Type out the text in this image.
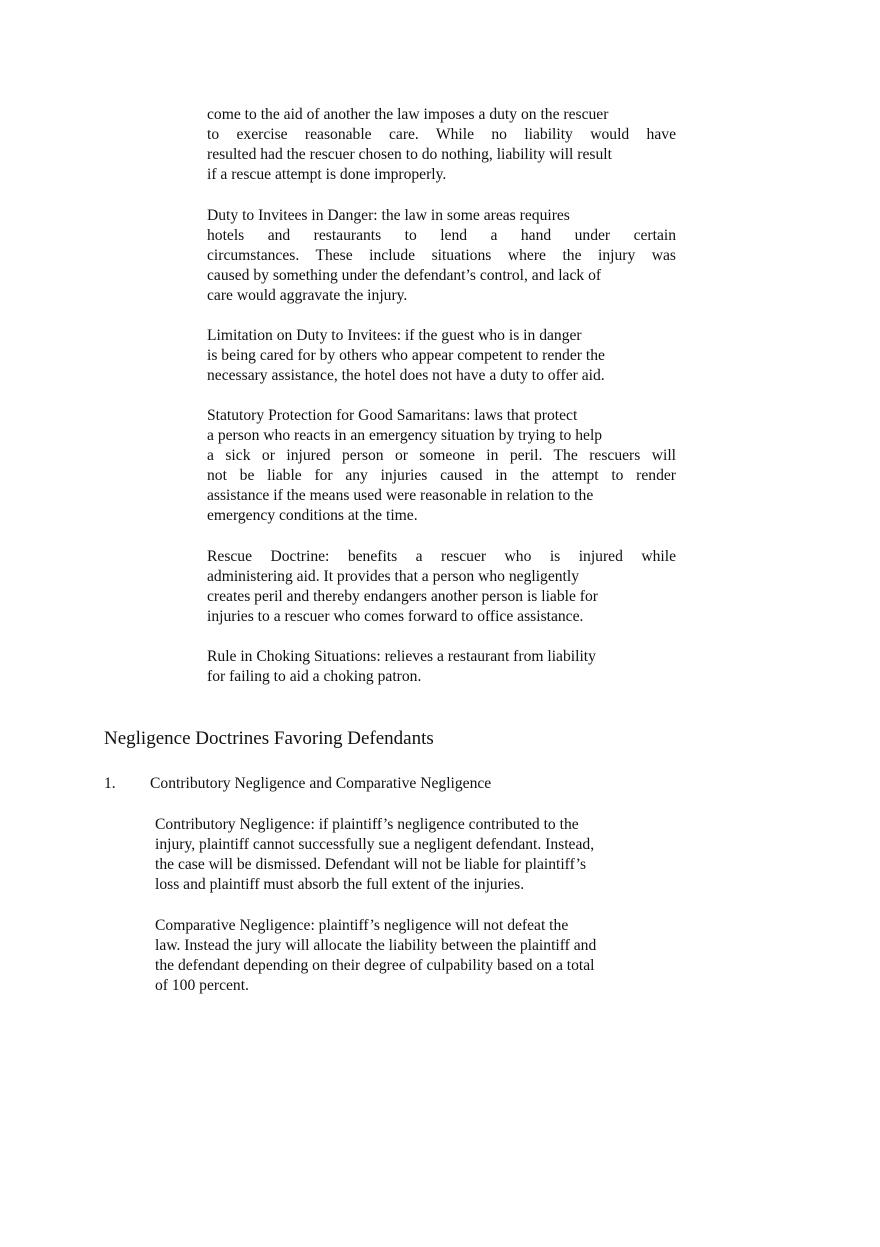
come to the aid of another the law imposes a duty on the rescuer
to exercise reasonable care. While no liability would have
resulted had the rescuer chosen to do nothing, liability will result
if a rescue attempt is done improperly.
Duty to Invitees in Danger: the law in some areas requires
hotels and restaurants to lend a hand under certain
circumstances. These include situations where the injury was
caused by something under the defendant’s control, and lack of
care would aggravate the injury.
Limitation on Duty to Invitees: if the guest who is in danger
is being cared for by others who appear competent to render the
necessary assistance, the hotel does not have a duty to offer aid.
Statutory Protection for Good Samaritans: laws that protect
a person who reacts in an emergency situation by trying to help
a sick or injured person or someone in peril. The rescuers will
not be liable for any injuries caused in the attempt to render
assistance if the means used were reasonable in relation to the
emergency conditions at the time.
Rescue Doctrine: benefits a rescuer who is injured while
administering aid. It provides that a person who negligently
creates peril and thereby endangers another person is liable for
injuries to a rescuer who comes forward to office assistance.
Rule in Choking Situations: relieves a restaurant from liability
for failing to aid a choking patron.
Negligence Doctrines Favoring Defendants
1. Contributory Negligence and Comparative Negligence
Contributory Negligence: if plaintiff’s negligence contributed to the
injury, plaintiff cannot successfully sue a negligent defendant. Instead,
the case will be dismissed. Defendant will not be liable for plaintiff’s
loss and plaintiff must absorb the full extent of the injuries.
Comparative Negligence: plaintiff’s negligence will not defeat the
law. Instead the jury will allocate the liability between the plaintiff and
the defendant depending on their degree of culpability based on a total
of 100 percent.
